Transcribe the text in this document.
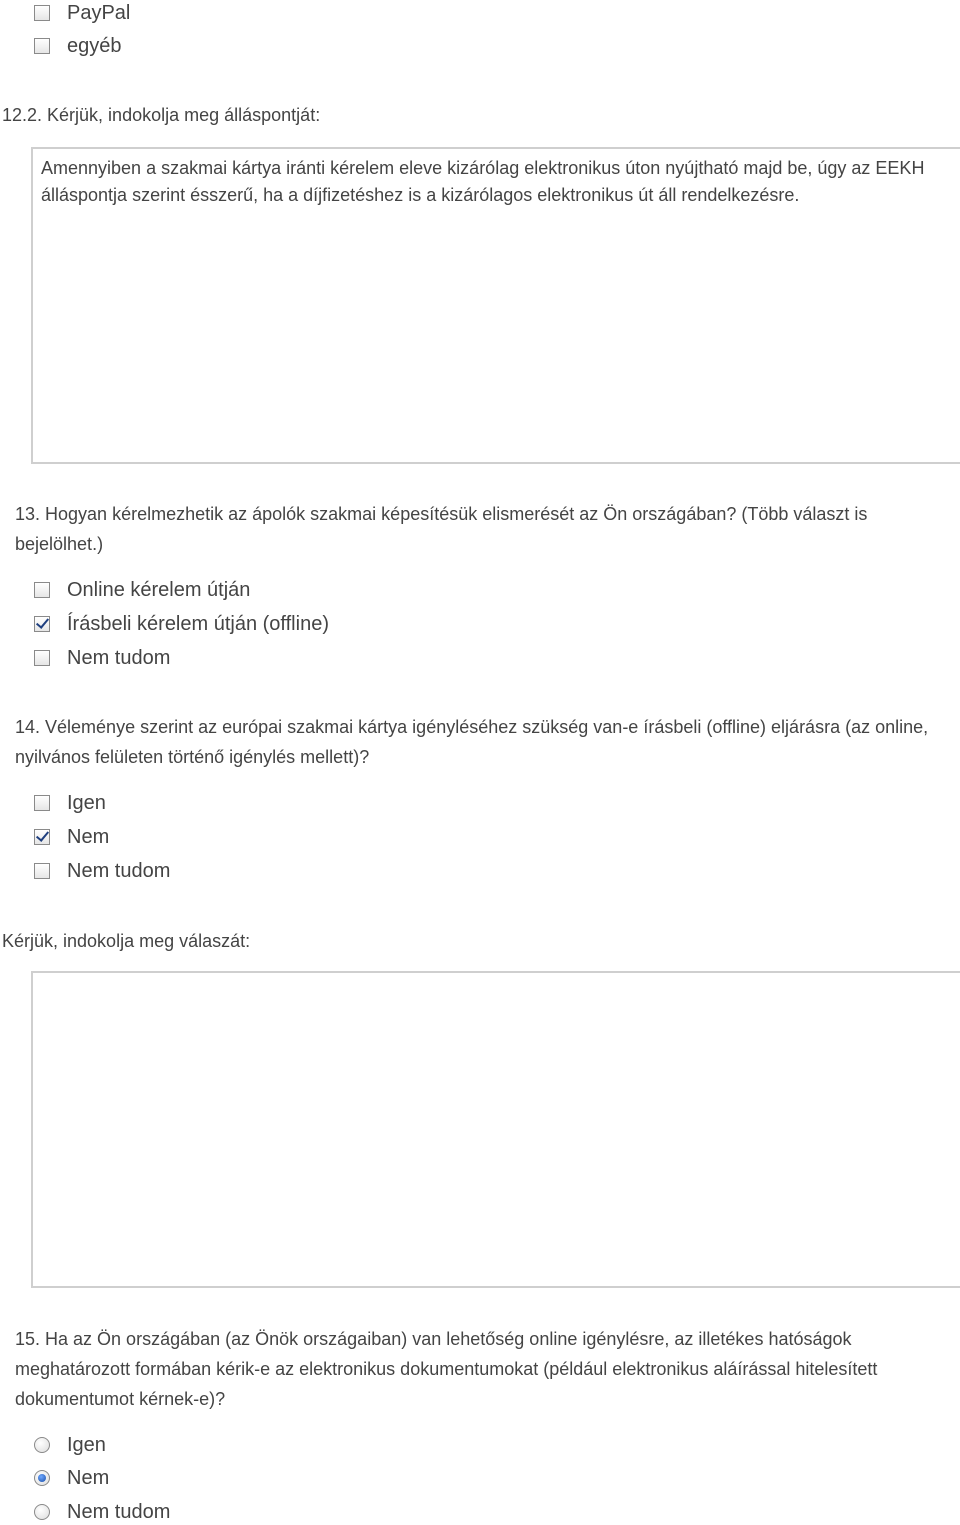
PayPal
egyéb

12.2. Kérjük, indokolja meg álláspontját:

Amennyiben a szakmai kártya iránti kérelem eleve kizárólag elektronikus úton nyújtható majd be, úgy az EEKH álláspontja szerint ésszerű, ha a díjfizetéshez is a kizárólagos elektronikus út áll rendelkezésre.

13. Hogyan kérelmezhetik az ápolók szakmai képesítésük elismerését az Ön országában? (Több választ is bejelölhet.)

Online kérelem útján
Írásbeli kérelem útján (offline)
Nem tudom

14. Véleménye szerint az európai szakmai kártya igényléséhez szükség van-e írásbeli (offline) eljárásra (az online, nyilvános felületen történő igénylés mellett)?

Igen
Nem
Nem tudom

Kérjük, indokolja meg válaszát:

15. Ha az Ön országában (az Önök országaiban) van lehetőség online igénylésre, az illetékes hatóságok meghatározott formában kérik-e az elektronikus dokumentumokat (például elektronikus aláírással hitelesített dokumentumot kérnek-e)?

Igen
Nem
Nem tudom
